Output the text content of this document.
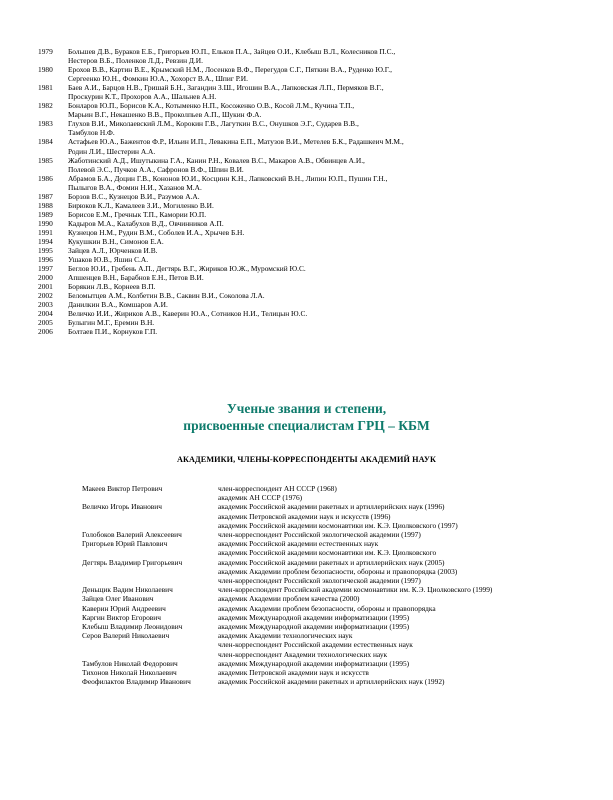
1979	Большев Д.В., Бураков Е.Б., Григорьев Ю.П., Ельков П.А., Зайцев О.И., Клебыш В.Л., Колесников П.С.,
Нестеров В.Б., Поленков Л.Д., Ревзин Д.И.
1980	Ерохов В.В., Картин В.Е., Крымский Н.М., Лосенков В.Ф., Перегудов С.Г., Пяткин В.А., Руденко Ю.Г.,
Сергеенко Ю.Н., Фомкин Ю.А., Хохорст В.А., Шпиг Р.И.
1981	Баев А.И., Барцов Н.В., Гришай Б.Н., Загандин З.Ш., Игошин В.А., Лапковская Л.П., Пермяков В.Г.,
Проскурин К.Т., Прохоров А.А., Шальнев А.Н.
1982	Бонларов Ю.П., Борисов К.А., Котыменко Н.П., Косоженко О.В., Косой Л.М., Кучина Т.П.,
Марьин В.Г., Некашенко В.В., Проколпьев А.П., Шукин Ф.А.
1983	Глухов В.И., Миколаевский Л.М., Корокин Г.В., Лагуткин В.С., Онушков Э.Г., Сударев В.В.,
Тамбулов Н.Ф.
1984	Астафьев Ю.А., Бажентов Ф.Р., Ильин И.П., Левакина Е.П., Матузов В.И., Метелев Б.К., Радашкеич М.М.,
Родин Л.И., Шестерин А.А.
1985	Жаботинский А.Д., Ишутыкина Г.А., Канин Р.Н., Ковалев В.С., Макаров А.В., Обвинцев А.И.,
Полевой Э.С., Пучков А.А., Сафронов В.Ф., Шпин В.И.
1986	Абрамов Б.А., Доцин Г.В., Кононов Ю.И., Косцинн К.Н., Лапковский В.Н., Липин Ю.П., Пушин Г.Н.,
Пылыгов В.А., Фомин Н.И., Хазанов М.А.
1987	Борзов В.С., Кузнецов В.И., Разумов А.А.
1988	Бирюков К.Л., Камалеев З.И., Могиленко В.И.
1989	Борисов Е.М., Гречнык Т.П., Камории Ю.П.
1990	Кадыров М.А., Калабухов В.Д., Овчинников А.П.
1991	Кузнецов Н.М., Рудин В.М., Соболев И.А., Хрычев Б.Н.
1994	Кукушкин В.Н., Симонов Е.А.
1995	Зайцев А.Л., Юрченков И.В.
1996	Ушаков Ю.В., Яшин С.А.
1997	Беглов Ю.И., Гребень А.П., Дегтярь В.Г., Жириков Ю.Ж., Муромский Ю.С.
2000	Апшенцев В.Н., Барабнов Е.Н., Петов В.И.
2001	Борякин Л.В., Корнеев В.П.
2002	Беломытцев А.М., Колбетин В.В., Саквин В.И., Соколова Л.А.
2003	Данилкин В.А., Комшаров А.И.
2004	Величко И.И., Жириков А.В., Каверин Ю.А., Сотников Н.И., Телицын Ю.С.
2005	Булыгин М.Г., Еремин В.Н.
2006	Болтаев П.И., Корнуков Г.П.
Ученые звания и степени,
присвоенные специалистам ГРЦ – КБМ
АКАДЕМИКИ, ЧЛЕНЫ-КОРРЕСПОНДЕНТЫ АКАДЕМИЙ НАУК
Макеев Виктор Петрович	член-корреспондент АН СССР (1968)
академик АН СССР (1976)
Величко Игорь Иванович	академик Российской академии ракетных и артиллерийских наук (1996)
академик Петровской академии наук и искусств (1996)
академик Российской академии космонавтики им. К.Э. Циолковского (1997)
Голобоков Валерий Алексеевич	член-корреспондент Российской экологической академии (1997)
Григорьев Юрий Павлович	академик Российской академии естественных наук
академик Российской академии космонавтики им. К.Э. Циолковского
Дегтярь Владимир Григорьевич	академик Российской академии ракетных и артиллерийских наук (2005)
академик Академии проблем безопасности, обороны и правопорядка (2003)
член-корреспондент Российской экологической академии (1997)
Деньщик Вадим Николаевич	член-корреспондент Российской академии космонавтики им. К.Э. Циолковского (1999)
Зайцев Олег Иванович	академик Академии проблем качества (2000)
Каверин Юрий Андреевич	академик Академии проблем безопасности, обороны и правопорядка
Каргин Виктор Егорович	академик Международной академии информатизации (1995)
Клебыш Владимир Леонидович	академик Международной академии информатизации (1995)
Серов Валерий Николаевич	академик Академии технологических наук
член-корреспондент Российской академии естественных наук
член-корреспондент Академии технологических наук
Тамбулов Николай Федорович	академик Международной академии информатизации (1995)
Тихонов Николай Николаевич	академик Петровской академии наук и искусств
Феофилактов Владимир Иванович	академик Российской академии ракетных и артиллерийских наук (1992)
